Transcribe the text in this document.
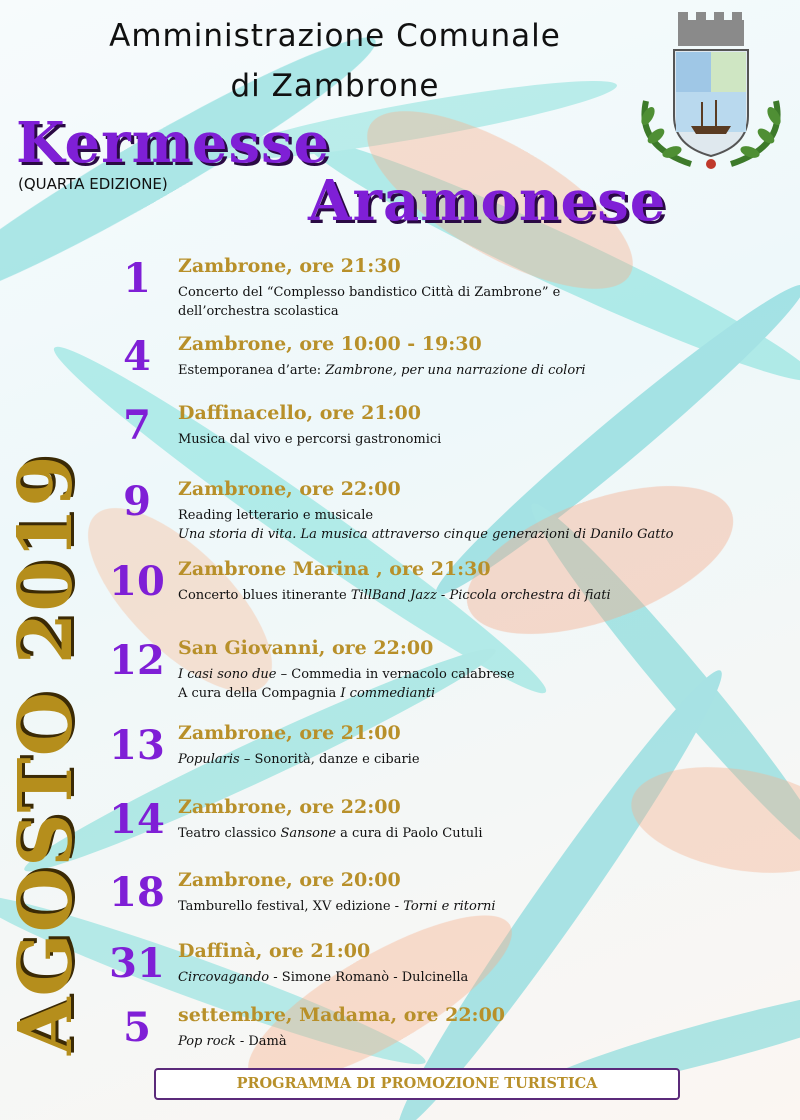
Amministrazione Comunale
di Zambrone
Kermesse
(QUARTA EDIZIONE)	Aramonese
AGOSTO 2019
1	Zambrone, ore 21:30
Concerto del “Complesso bandistico Città di Zambrone” e
dell’orchestra scolastica
4	Zambrone, ore 10:00 - 19:30
Estemporanea d’arte: Zambrone, per una narrazione di colori
7	Daffinacello, ore 21:00
Musica dal vivo e percorsi gastronomici
9	Zambrone, ore 22:00
Reading letterario e musicale
Una storia di vita. La musica attraverso cinque generazioni di Danilo Gatto
10 Zambrone Marina , ore 21:30
Concerto blues itinerante TillBand Jazz - Piccola orchestra di fiati
12 San Giovanni, ore 22:00
I casi sono due – Commedia in vernacolo calabrese
A cura della Compagnia I commedianti
13 Zambrone, ore 21:00
Popularis – Sonorità, danze e cibarie
14 Zambrone, ore 22:00
Teatro classico Sansone a cura di Paolo Cutuli
18 Zambrone, ore 20:00
Tamburello festival, XV edizione - Torni e ritorni
31 Daffinà, ore 21:00
Circovagando - Simone Romanò - Dulcinella
5	settembre, Madama, ore 22:00
Pop rock - Damà
PROGRAMMA DI PROMOZIONE TURISTICA
